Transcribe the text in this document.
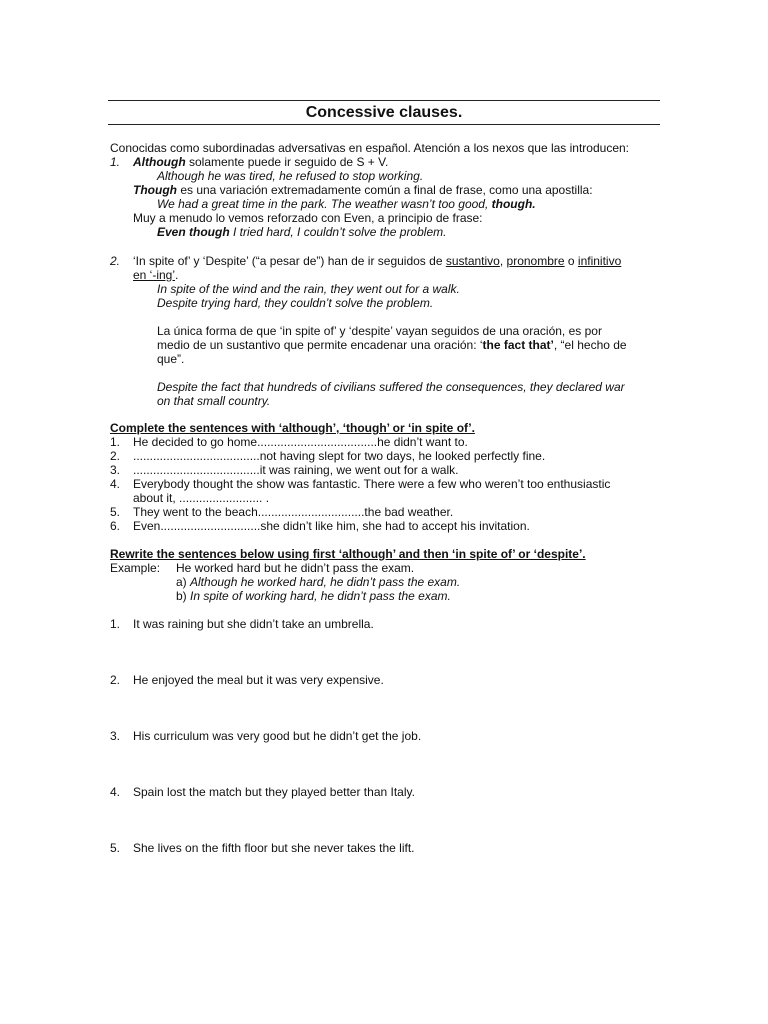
Concessive clauses.
Conocidas como subordinadas adversativas en español. Atención a los nexos que las introducen:
1. Although solamente puede ir seguido de S + V.
Although he was tired, he refused to stop working.
Though es una variación extremadamente común a final de frase, como una apostilla:
We had a great time in the park. The weather wasn’t too good, though.
Muy a menudo lo vemos reforzado con Even, a principio de frase:
Even though I tried hard, I couldn’t solve the problem.
2. ‘In spite of’ y ‘Despite’ (“a pesar de”) han de ir seguidos de sustantivo, pronombre o infinitivo
en ‘-ing’.
In spite of the wind and the rain, they went out for a walk.
Despite trying hard, they couldn’t solve the problem.
La única forma de que ‘in spite of’ y ‘despite’ vayan seguidos de una oración, es por
medio de un sustantivo que permite encadenar una oración: ‘the fact that’, “el hecho de
que”.
Despite the fact that hundreds of civilians suffered the consequences, they declared war
on that small country.
Complete the sentences with ‘although’, ‘though’ or ‘in spite of’.
1. He decided to go home....................................he didn’t want to.
2. ......................................not having slept for two days, he looked perfectly fine.
3. ......................................it was raining, we went out for a walk.
4. Everybody thought the show was fantastic. There were a few who weren’t too enthusiastic
about it, ......................... .
5. They went to the beach................................the bad weather.
6. Even..............................she didn’t like him, she had to accept his invitation.
Rewrite the sentences below using first ‘although’ and then ‘in spite of’ or ‘despite’.
Example: He worked hard but he didn’t pass the exam.
a) Although he worked hard, he didn’t pass the exam.
b) In spite of working hard, he didn’t pass the exam.
1. It was raining but she didn’t take an umbrella.
2. He enjoyed the meal but it was very expensive.
3. His curriculum was very good but he didn’t get the job.
4. Spain lost the match but they played better than Italy.
5. She lives on the fifth floor but she never takes the lift.
